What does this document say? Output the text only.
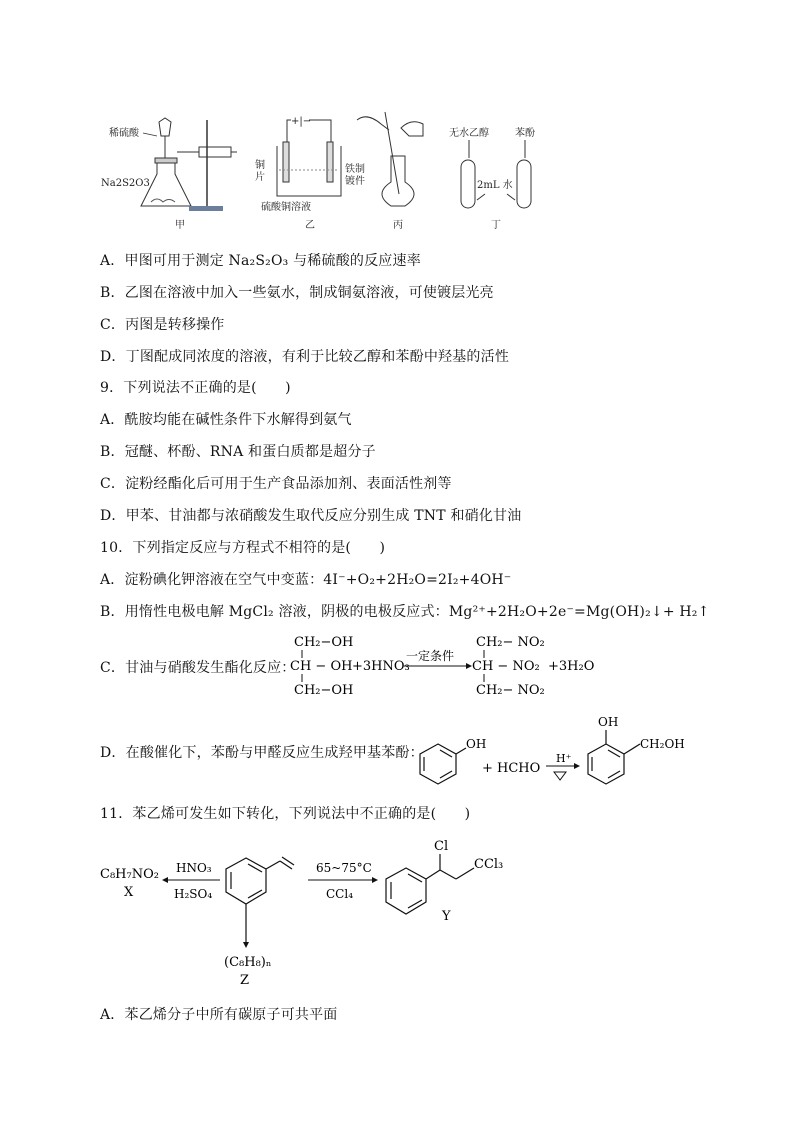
稀硫酸
Na2S2O3
甲
+|−
铜
片
铁制
镀件
硫酸铜溶液
乙	丙
无水乙醇	苯酚
2mL 水
丁
A．甲图可用于测定 Na₂S₂O₃ 与稀硫酸的反应速率
B．乙图在溶液中加入一些氨水，制成铜氨溶液，可使镀层光亮
C．丙图是转移操作
D．丁图配成同浓度的溶液，有利于比较乙醇和苯酚中羟基的活性
9．下列说法不正确的是(　　)
A．酰胺均能在碱性条件下水解得到氨气
B．冠醚、杯酚、RNA 和蛋白质都是超分子
C．淀粉经酯化后可用于生产食品添加剂、表面活性剂等
D．甲苯、甘油都与浓硝酸发生取代反应分别生成 TNT 和硝化甘油
10．下列指定反应与方程式不相符的是(　　)
A．淀粉碘化钾溶液在空气中变蓝：4I⁻+O₂+2H₂O=2I₂+4OH⁻
B．用惰性电极电解 MgCl₂ 溶液，阴极的电极反应式：Mg²⁺+2H₂O+2e⁻=Mg(OH)₂↓+ H₂↑
C．甘油与硝酸发生酯化反应：
CH₂−OH
CH − OH
CH₂−OH
+3HNO₃
一定条件
CH₂− NO₂
CH − NO₂
CH₂− NO₂
+3H₂O
D．在酸催化下，苯酚与甲醛反应生成羟甲基苯酚：
OH
+ HCHO
H⁺
OH
CH₂OH
11．苯乙烯可发生如下转化，下列说法中不正确的是(　　)
C₈H₇NO₂
X
HNO₃
H₂SO₄
(C₈H₈)ₙ
Z
65~75°C
CCl₄
Cl
CCl₃
Y
A．苯乙烯分子中所有碳原子可共平面
